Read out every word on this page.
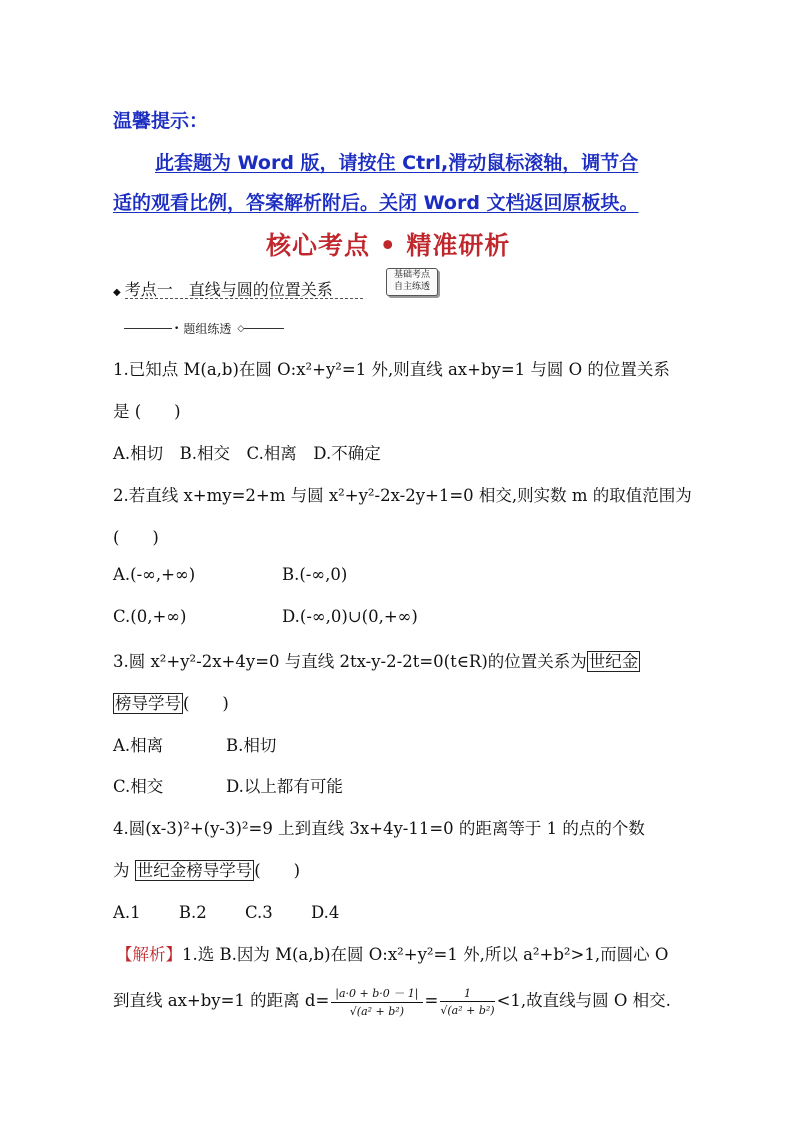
温馨提示：
此套题为 Word 版，请按住 Ctrl,滑动鼠标滚轴，调节合
适的观看比例，答案解析附后。关闭 Word 文档返回原板块。
核心考点 • 精准研析
◆ 考点一　直线与圆的位置关系
基础考点
自主练透
• 题组练透 ◇
1.已知点 M(a,b)在圆 O:x²+y²=1 外,则直线 ax+by=1 与圆 O 的位置关系
是 (　　)
A.相切　B.相交　C.相离　D.不确定
2.若直线 x+my=2+m 与圆 x²+y²-2x-2y+1=0 相交,则实数 m 的取值范围为
(　　)
A.(-∞,+∞)	B.(-∞,0)
C.(0,+∞)	D.(-∞,0)∪(0,+∞)
3.圆 x²+y²-2x+4y=0 与直线 2tx-y-2-2t=0(t∈R)的位置关系为 世纪金
榜导学号 (　　)
A.相离	B.相切
C.相交	D.以上都有可能
4.圆(x-3)²+(y-3)²=9 上到直线 3x+4y-11=0 的距离等于 1 的点的个数
为 世纪金榜导学号 (　　)
A.1　　 B.2　　 C.3　　 D.4
【解析】1.选 B.因为 M(a,b)在圆 O:x²+y²=1 外,所以 a²+b²>1,而圆心 O
到直线 ax+by=1 的距离 $d= \frac{|a\cdot 0 + b\cdot 0 - 1|}{\text{√(a² + b²)}} = \frac{1}{\text{√(a² + b²)}} <1$,故直线与圆 O 相交.
